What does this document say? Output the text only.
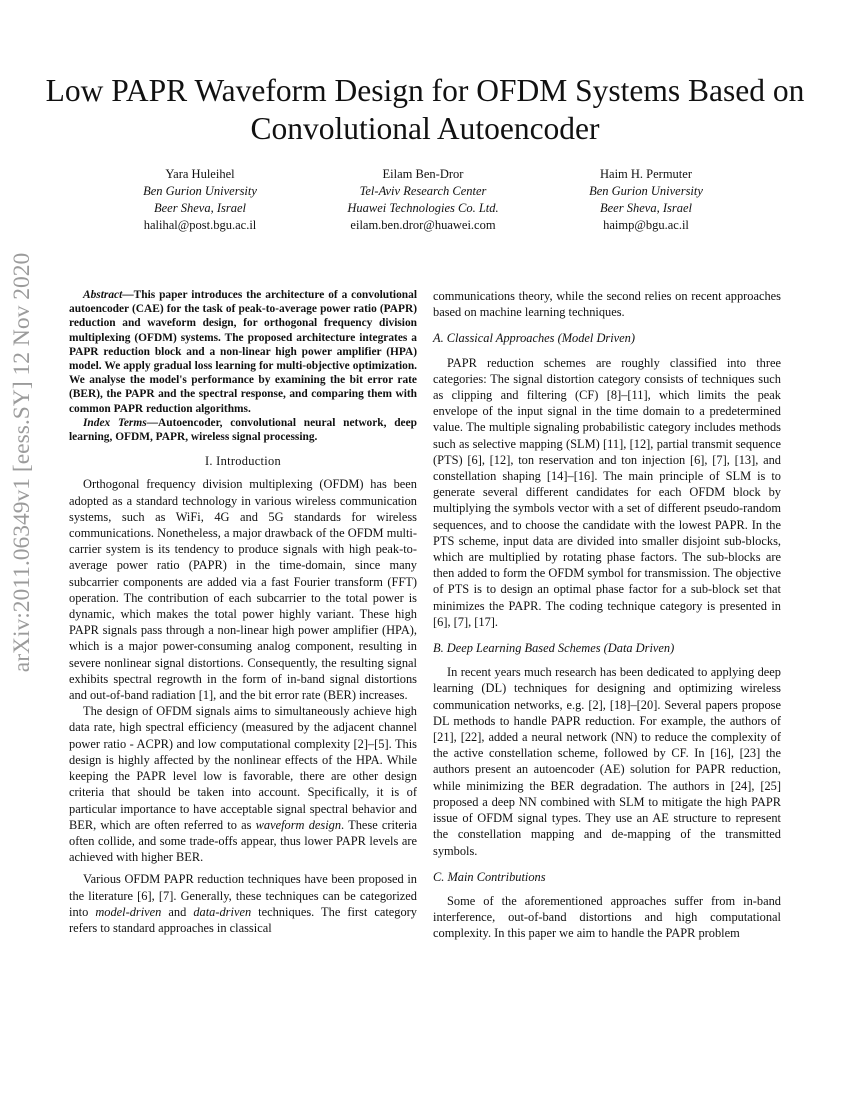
Low PAPR Waveform Design for OFDM Systems Based on Convolutional Autoencoder
Yara Huleihel
Ben Gurion University
Beer Sheva, Israel
halihal@post.bgu.ac.il
Eilam Ben-Dror
Tel-Aviv Research Center
Huawei Technologies Co. Ltd.
eilam.ben.dror@huawei.com
Haim H. Permuter
Ben Gurion University
Beer Sheva, Israel
haimp@bgu.ac.il
arXiv:2011.06349v1 [eess.SY] 12 Nov 2020	Abstract—This paper introduces the architecture of a convolutional autoencoder (CAE) for the task of peak-to-average power ratio (PAPR) reduction and waveform design, for orthogonal frequency division multiplexing (OFDM) systems. The proposed architecture integrates a PAPR reduction block and a non-linear high power amplifier (HPA) model. We apply gradual loss learning for multi-objective optimization. We analyse the model's performance by examining the bit error rate (BER), the PAPR and the spectral response, and comparing them with common PAPR reduction algorithms.

Index Terms—Autoencoder, convolutional neural network, deep learning, OFDM, PAPR, wireless signal processing.

I. Introduction

Orthogonal frequency division multiplexing (OFDM) has been adopted as a standard technology in various wireless communication systems, such as WiFi, 4G and 5G standards for wireless communications. Nonetheless, a major drawback of the OFDM multi-carrier system is its tendency to produce signals with high peak-to-average power ratio (PAPR) in the time-domain, since many subcarrier components are added via a fast Fourier transform (FFT) operation. The contribution of each subcarrier to the total power is dynamic, which makes the total power highly variant. These high PAPR signals pass through a non-linear high power amplifier (HPA), which is a major power-consuming analog component, resulting in severe nonlinear signal distortions. Consequently, the resulting signal exhibits spectral regrowth in the form of in-band signal distortions and out-of-band radiation [1], and the bit error rate (BER) increases.

The design of OFDM signals aims to simultaneously achieve high data rate, high spectral efficiency (measured by the adjacent channel power ratio - ACPR) and low computational complexity [2]–[5]. This design is highly affected by the nonlinear effects of the HPA. While keeping the PAPR level low is favorable, there are other design criteria that should be taken into account. Specifically, it is of particular importance to have acceptable signal spectral behavior and BER, which are often referred to as waveform design. These criteria often collide, and some trade-offs appear, thus lower PAPR levels are achieved with higher BER.

Various OFDM PAPR reduction techniques have been proposed in the literature [6], [7]. Generally, these techniques can be categorized into model-driven and data-driven techniques. The first category refers to standard approaches in classical

communications theory, while the second relies on recent approaches based on machine learning techniques.

A. Classical Approaches (Model Driven)

PAPR reduction schemes are roughly classified into three categories: The signal distortion category consists of techniques such as clipping and filtering (CF) [8]–[11], which limits the peak envelope of the input signal in the time domain to a predetermined value. The multiple signaling probabilistic category includes methods such as selective mapping (SLM) [11], [12], partial transmit sequence (PTS) [6], [12], ton reservation and ton injection [6], [7], [13], and constellation shaping [14]–[16]. The main principle of SLM is to generate several different candidates for each OFDM block by multiplying the symbols vector with a set of different pseudo-random sequences, and to choose the candidate with the lowest PAPR. In the PTS scheme, input data are divided into smaller disjoint sub-blocks, which are multiplied by rotating phase factors. The sub-blocks are then added to form the OFDM symbol for transmission. The objective of PTS is to design an optimal phase factor for a sub-block set that minimizes the PAPR. The coding technique category is presented in [6], [7], [17].

B. Deep Learning Based Schemes (Data Driven)

In recent years much research has been dedicated to applying deep learning (DL) techniques for designing and optimizing wireless communication networks, e.g. [2], [18]–[20]. Several papers propose DL methods to handle PAPR reduction. For example, the authors of [21], [22], added a neural network (NN) to reduce the complexity of the active constellation scheme, followed by CF. In [16], [23] the authors present an autoencoder (AE) solution for PAPR reduction, while minimizing the BER degradation. The authors in [24], [25] proposed a deep NN combined with SLM to mitigate the high PAPR issue of OFDM signal types. They use an AE structure to represent the constellation mapping and de-mapping of the transmitted symbols.

C. Main Contributions

Some of the aforementioned approaches suffer from in-band interference, out-of-band distortions and high computational complexity. In this paper we aim to handle the PAPR problem
